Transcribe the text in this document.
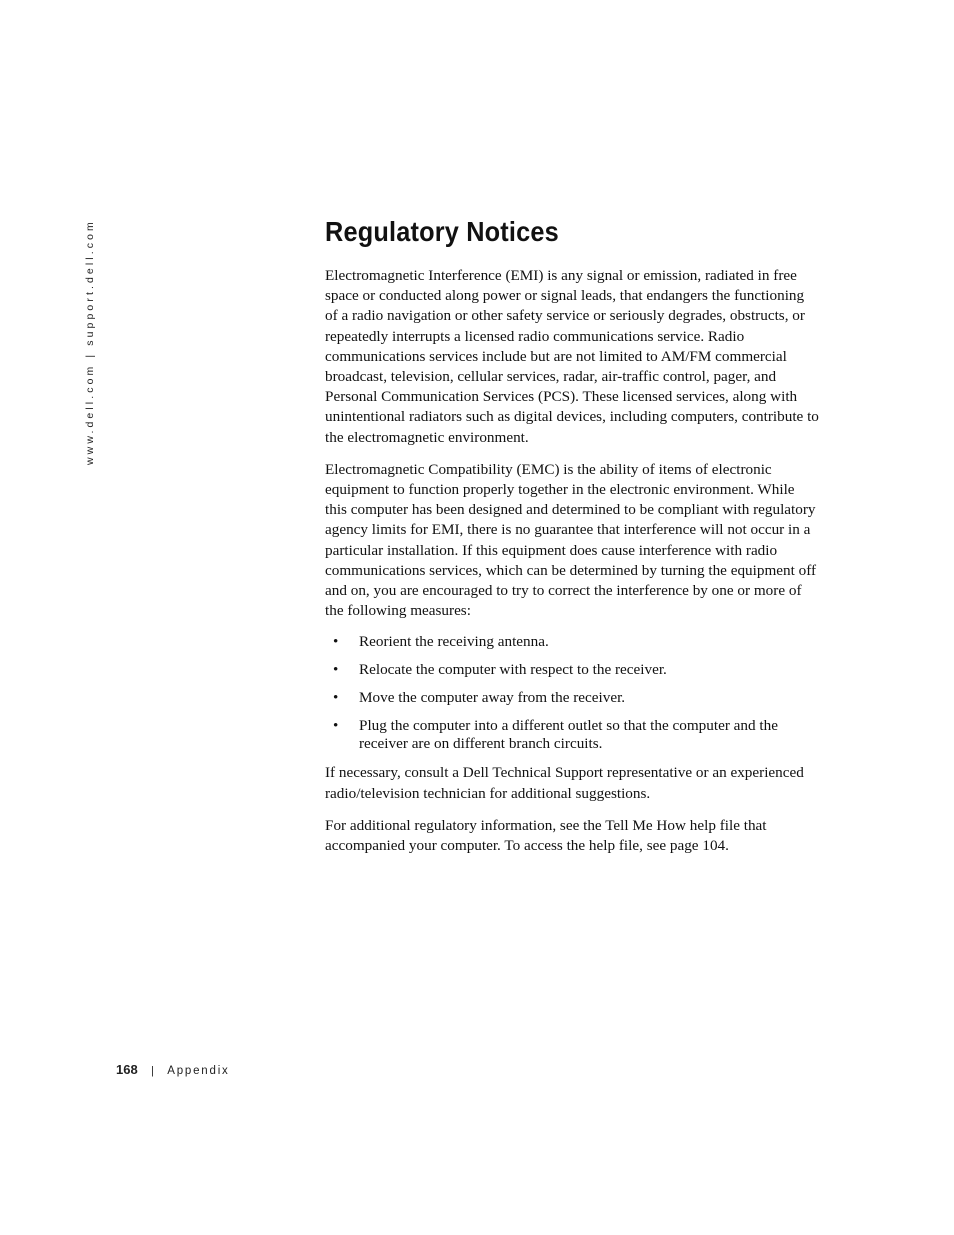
www.dell.com | support.dell.com	Regulatory Notices

Electromagnetic Interference (EMI) is any signal or emission, radiated in free space or conducted along power or signal leads, that endangers the functioning of a radio navigation or other safety service or seriously degrades, obstructs, or repeatedly interrupts a licensed radio communications service. Radio communications services include but are not limited to AM/FM commercial broadcast, television, cellular services, radar, air-traffic control, pager, and Personal Communication Services (PCS). These licensed services, along with unintentional radiators such as digital devices, including computers, contribute to the electromagnetic environment.

Electromagnetic Compatibility (EMC) is the ability of items of electronic equipment to function properly together in the electronic environment. While this computer has been designed and determined to be compliant with regulatory agency limits for EMI, there is no guarantee that interference will not occur in a particular installation. If this equipment does cause interference with radio communications services, which can be determined by turning the equipment off and on, you are encouraged to try to correct the interference by one or more of the following measures:

• Reorient the receiving antenna.
• Relocate the computer with respect to the receiver.
• Move the computer away from the receiver.
• Plug the computer into a different outlet so that the computer and the receiver are on different branch circuits.

If necessary, consult a Dell Technical Support representative or an experienced radio/television technician for additional suggestions.

For additional regulatory information, see the Tell Me How help file that accompanied your computer. To access the help file, see page 104.

168 | Appendix
